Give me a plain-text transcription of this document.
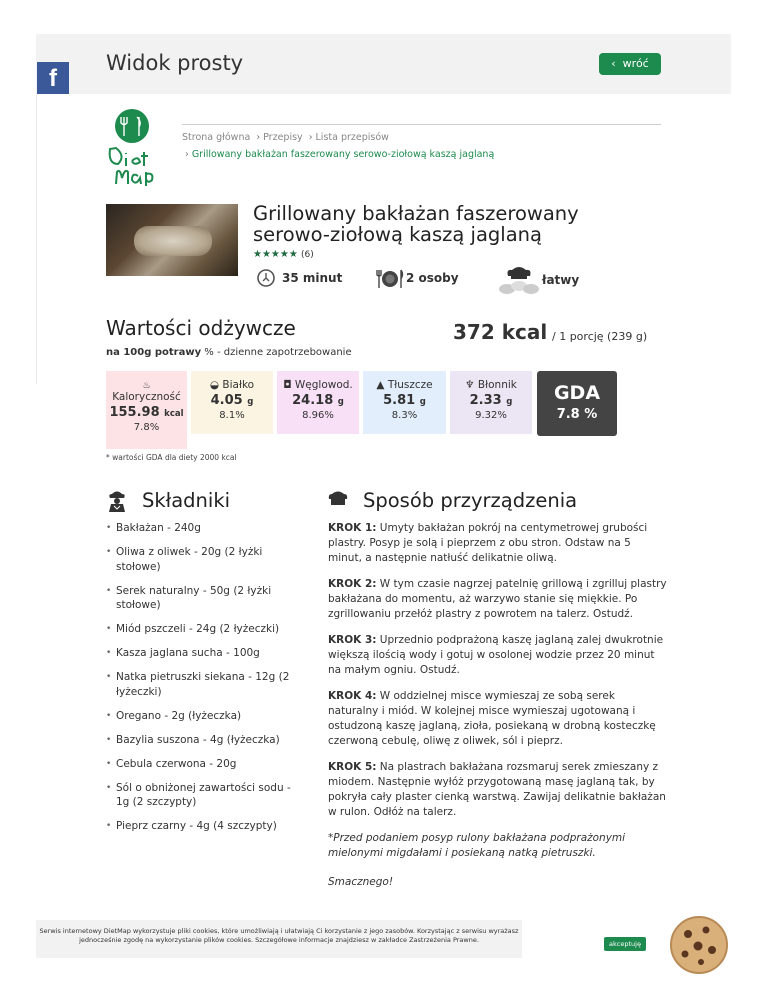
f
Widok prosty	‹ wróć
Strona główna › Przepisy › Lista przepisów
› Grillowany bakłażan faszerowany serowo-ziołową kaszą jaglaną
Grillowany bakłażan faszerowany serowo-ziołową kaszą jaglaną
★★★★★ (6)
35 minut	2 osoby	łatwy
Wartości odżywcze	372 kcal / 1 porcję (239 g)
na 100g potrawy % - dzienne zapotrzebowanie
♨
Kaloryczność
155.98 kcal
7.8%
◒ Białko
4.05 g
8.1%
◘ Węglowod.
24.18 g
8.96%
▲ Tłuszcze
5.81 g
8.3%
♆ Błonnik
2.33 g
9.32%
GDA
7.8 %
* wartości GDA dla diety 2000 kcal
Składniki	Sposób przyrządzenia
• Bakłażan - 240g
• Oliwa z oliwek - 20g (2 łyżki stołowe)
• Serek naturalny - 50g (2 łyżki stołowe)
• Miód pszczeli - 24g (2 łyżeczki)
• Kasza jaglana sucha - 100g
• Natka pietruszki siekana - 12g (2 łyżeczki)
• Oregano - 2g (łyżeczka)
• Bazylia suszona - 4g (łyżeczka)
• Cebula czerwona - 20g
• Sól o obniżonej zawartości sodu - 1g (2 szczypty)
• Pieprz czarny - 4g (4 szczypty)
KROK 1: Umyty bakłażan pokrój na centymetrowej grubości plastry. Posyp je solą i pieprzem z obu stron. Odstaw na 5 minut, a następnie natłuść delikatnie oliwą.
KROK 2: W tym czasie nagrzej patelnię grillową i zgrilluj plastry bakłażana do momentu, aż warzywo stanie się miękkie. Po zgrillowaniu przełóż plastry z powrotem na talerz. Ostudź.
KROK 3: Uprzednio podprażoną kaszę jaglaną zalej dwukrotnie większą ilością wody i gotuj w osolonej wodzie przez 20 minut na małym ogniu. Ostudź.
KROK 4: W oddzielnej misce wymieszaj ze sobą serek naturalny i miód. W kolejnej misce wymieszaj ugotowaną i ostudzoną kaszę jaglaną, zioła, posiekaną w drobną kosteczkę czerwoną cebulę, oliwę z oliwek, sól i pieprz.
KROK 5: Na plastrach bakłażana rozsmaruj serek zmieszany z miodem. Następnie wyłóż przygotowaną masę jaglaną tak, by pokryła cały plaster cienką warstwą. Zawijaj delikatnie bakłażan w rulon. Odłóż na talerz.
*Przed podaniem posyp rulony bakłażana podprażonymi mielonymi migdałami i posiekaną natką pietruszki.
Smacznego!
Serwis internetowy DietMap wykorzystuje pliki cookies, które umożliwiają i ułatwiają Ci korzystanie z jego zasobów. Korzystając z serwisu wyrażasz jednocześnie zgodę na wykorzystanie plików cookies. Szczegółowe informacje znajdziesz w zakładce Zastrzeżenia Prawne.	akceptuję
